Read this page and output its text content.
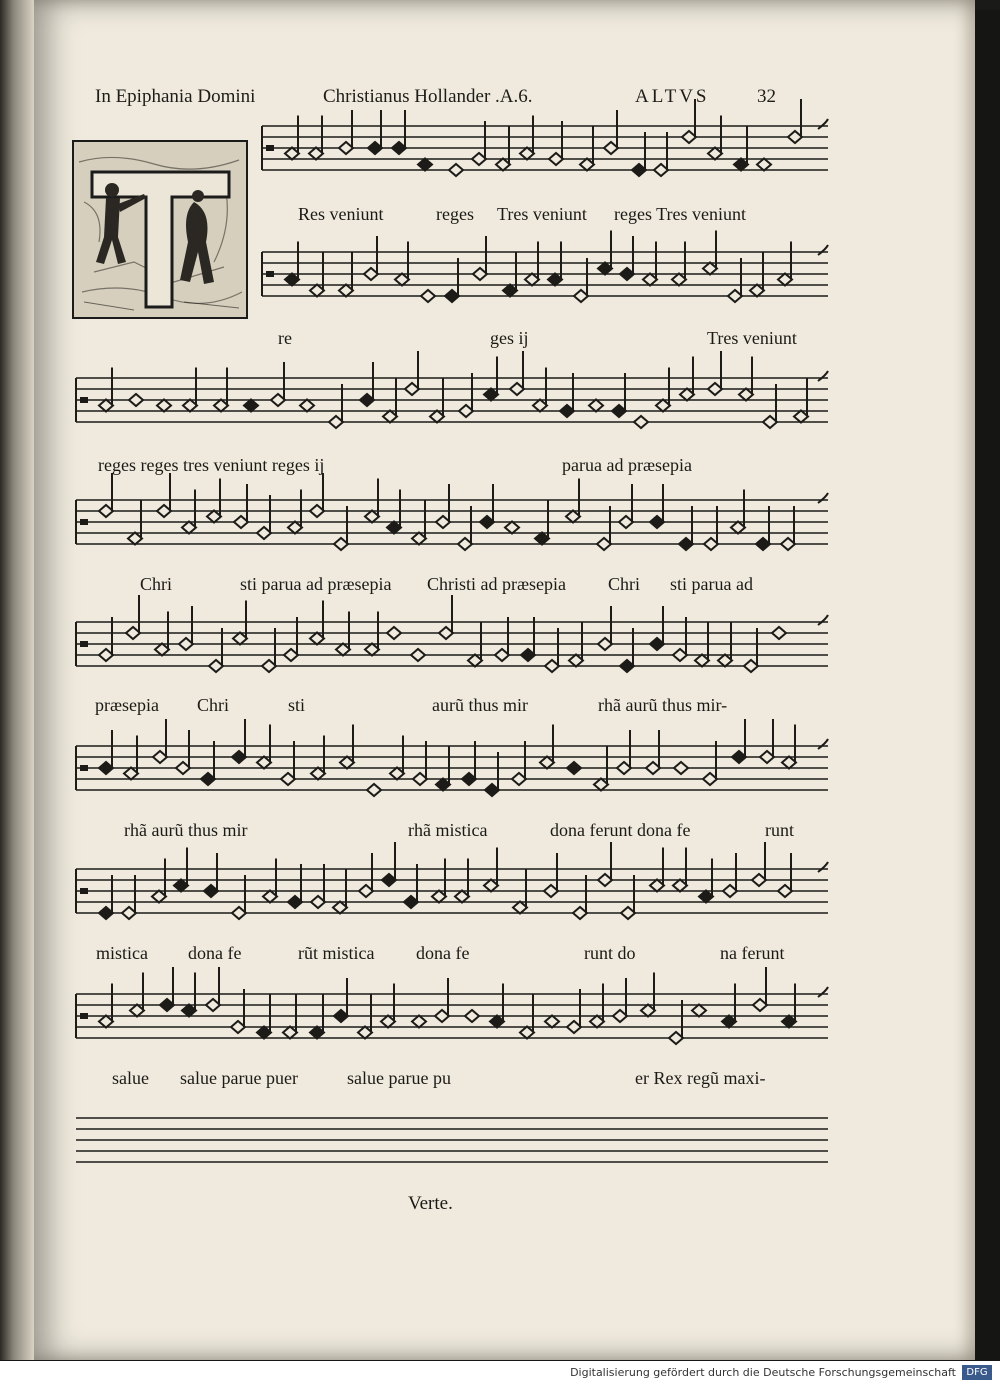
In Epiphania Domini	Christianus Hollander .A.6.	ALTVS	32
Res veniunt	reges Tres veniunt reges Tres veniunt
re	ges ij	Tres veniunt
reges reges tres veniunt reges ij	parua ad præsepia
Chri	sti parua ad præsepia Christi ad præsepia Chri sti parua ad
præsepia Chri	sti	aurũ thus mir	rhã aurũ thus mir-
rhã aurũ thus mir	rhã mistica	dona ferunt dona fe	runt
mistica dona fe	rũt mistica dona fe	runt do	na ferunt
salue salue parue puer	salue parue pu	er Rex regũ maxi-
Verte.
Digitalisierung gefördert durch die Deutsche Forschungsgemeinschaft	DFG
